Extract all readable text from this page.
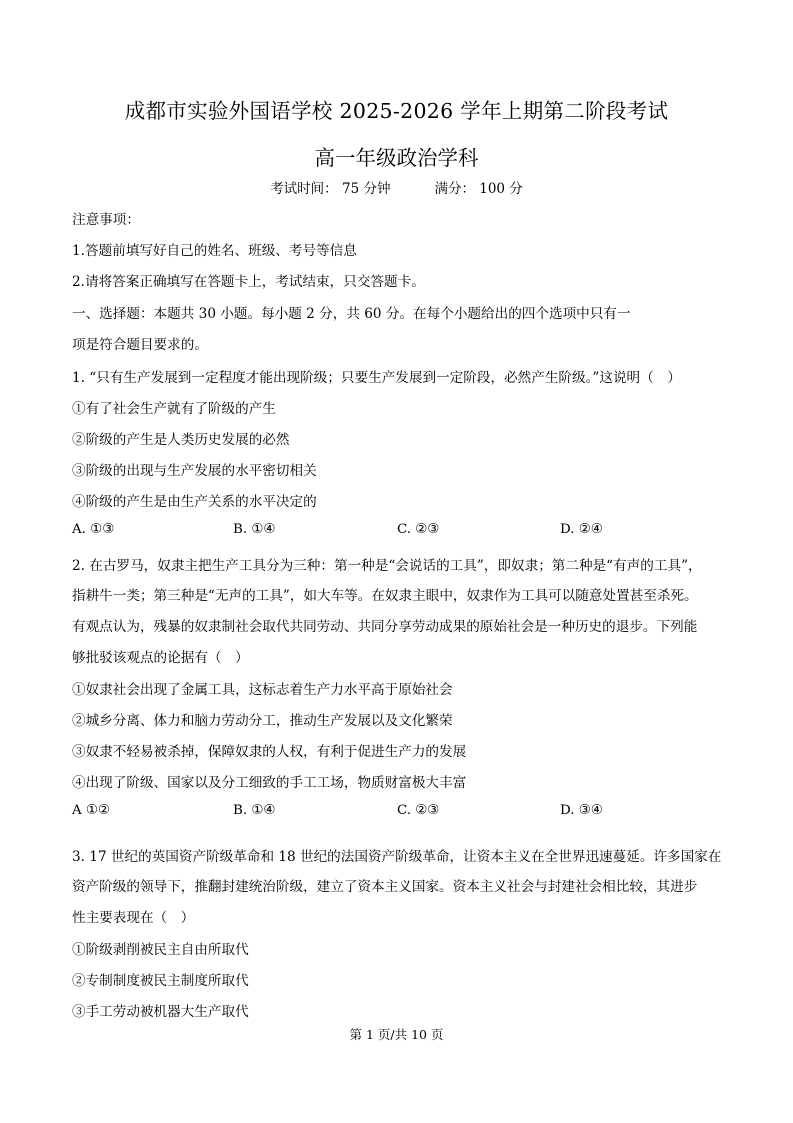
成都市实验外国语学校 2025-2026 学年上期第二阶段考试
高一年级政治学科
考试时间： 75 分钟	满分： 100 分
注意事项：
1.答题前填写好自己的姓名、班级、考号等信息
2.请将答案正确填写在答题卡上，考试结束，只交答题卡。
一、选择题：本题共 30 小题。每小题 2 分，共 60 分。在每个小题给出的四个选项中只有一
项是符合题目要求的。
1. “只有生产发展到一定程度才能出现阶级；只要生产发展到一定阶段，必然产生阶级。”这说明（　）
①有了社会生产就有了阶级的产生
②阶级的产生是人类历史发展的必然
③阶级的出现与生产发展的水平密切相关
④阶级的产生是由生产关系的水平决定的
A. ①③	B. ①④	C. ②③	D. ②④
2. 在古罗马，奴隶主把生产工具分为三种：第一种是“会说话的工具”，即奴隶；第二种是“有声的工具”，
指耕牛一类；第三种是“无声的工具”，如大车等。在奴隶主眼中，奴隶作为工具可以随意处置甚至杀死。
有观点认为，残暴的奴隶制社会取代共同劳动、共同分享劳动成果的原始社会是一种历史的退步。下列能
够批驳该观点的论据有（　）
①奴隶社会出现了金属工具，这标志着生产力水平高于原始社会
②城乡分离、体力和脑力劳动分工，推动生产发展以及文化繁荣
③奴隶不轻易被杀掉，保障奴隶的人权，有利于促进生产力的发展
④出现了阶级、国家以及分工细致的手工工场，物质财富极大丰富
A ①②	B. ①④	C. ②③	D. ③④
3. 17 世纪的英国资产阶级革命和 18 世纪的法国资产阶级革命，让资本主义在全世界迅速蔓延。许多国家在
资产阶级的领导下，推翻封建统治阶级，建立了资本主义国家。资本主义社会与封建社会相比较，其进步
性主要表现在（　）
①阶级剥削被民主自由所取代
②专制制度被民主制度所取代
③手工劳动被机器大生产取代
第 1 页/共 10 页
